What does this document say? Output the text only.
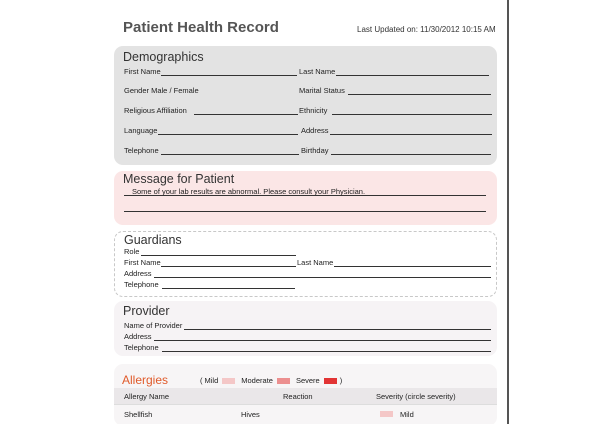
Patient Health Record	Last Updated on: 11/30/2012 10:15 AM
Demographics
First Name	Last Name
Gender Male / Female	Marital Status
Religious Affiliation	Ethnicity
Language	Address
Telephone	Birthday
Message for Patient
Some of your lab results are abnormal. Please consult your Physician.
Guardians
Role
First Name	Last Name
Address
Telephone
Provider
Name of Provider
Address
Telephone
Allergies	( Mild	Moderate	Severe	)
Allergy Name	Reaction	Severity (circle severity)
Shellfish	Hives	Mild
